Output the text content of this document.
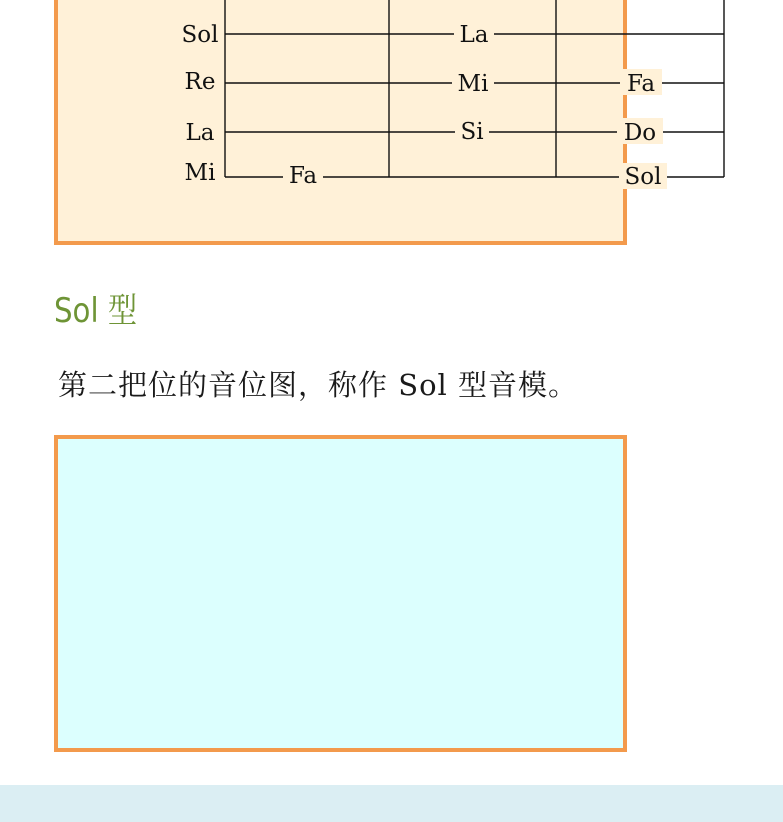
Sol
Re
La
Mi
La
Mi	Fa
Si	Do
Fa	Sol
Sol 型

第二把位的音位图，称作 Sol 型音模。
